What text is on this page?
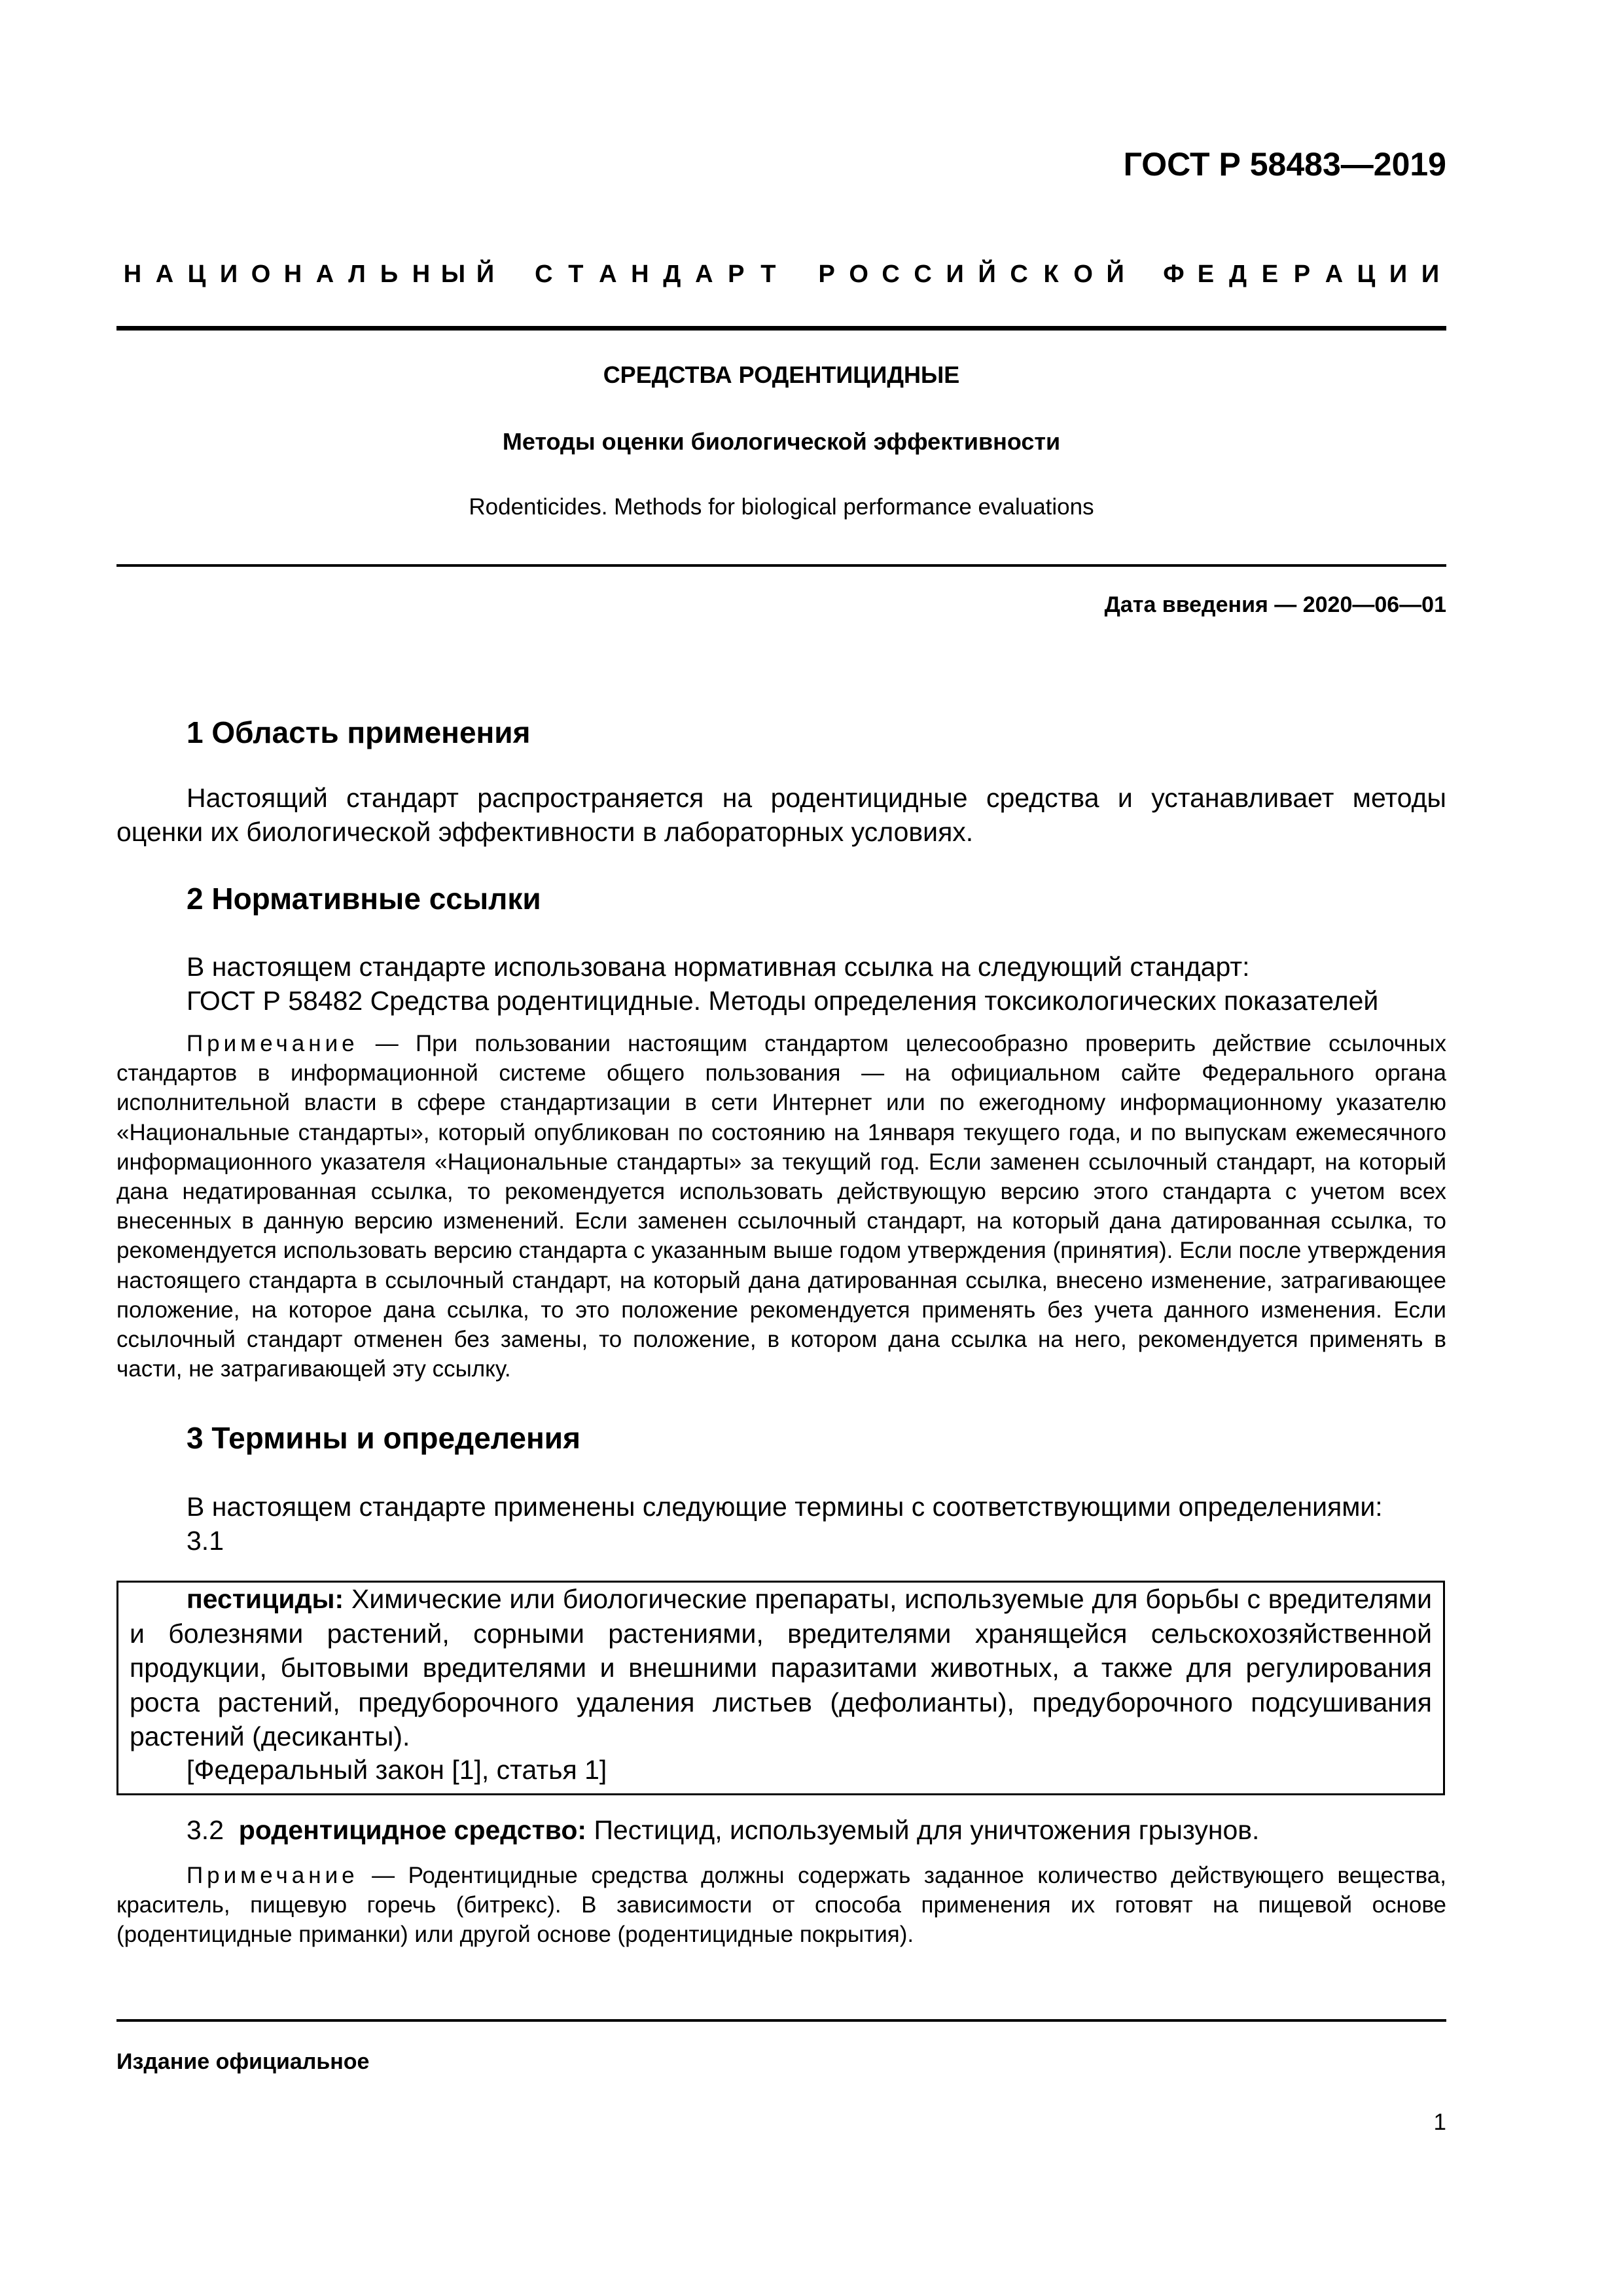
ГОСТ Р 58483—2019
Н А Ц И О Н А Л Ь Н Ы Й С Т А Н Д А Р Т	Р О С С И Й С К О Й Ф Е Д Е Р А Ц И И
СРЕДСТВА РОДЕНТИЦИДНЫЕ
Методы оценки биологической эффективности
Rodenticides. Methods for biological performance evaluations
Дата введения — 2020—06—01
1 Область применения
Настоящий стандарт распространяется на родентицидные средства и устанавливает методы оценки их биологической эффективности в лабораторных условиях.
2 Нормативные ссылки
В настоящем стандарте использована нормативная ссылка на следующий стандарт:
ГОСТ Р 58482 Средства родентицидные. Методы определения токсикологических показателей
Примечание — При пользовании настоящим стандартом целесообразно проверить действие ссылочных стандартов в информационной системе общего пользования — на официальном сайте Федерального органа исполнительной власти в сфере стандартизации в сети Интернет или по ежегодному информационному указателю «Национальные стандарты», который опубликован по состоянию на 1января текущего года, и по выпускам ежемесячного информационного указателя «Национальные стандарты» за текущий год. Если заменен ссылочный стандарт, на который дана недатированная ссылка, то рекомендуется использовать действующую версию этого стандарта с учетом всех внесенных в данную версию изменений. Если заменен ссылочный стандарт, на который дана датированная ссылка, то рекомендуется использовать версию стандарта с указанным выше годом утверждения (принятия). Если после утверждения настоящего стандарта в ссылочный стандарт, на который дана датированная ссылка, внесено изменение, затрагивающее положение, на которое дана ссылка, то это положение рекомендуется применять без учета данного изменения. Если ссылочный стандарт отменен без замены, то положение, в котором дана ссылка на него, рекомендуется применять в части, не затрагивающей эту ссылку.
3 Термины и определения
В настоящем стандарте применены следующие термины с соответствующими определениями:
3.1
пестициды: Химические или биологические препараты, используемые для борьбы с вредителями и болезнями растений, сорными растениями, вредителями хранящейся сельскохозяйственной продукции, бытовыми вредителями и внешними паразитами животных, а также для регулирования роста растений, предуборочного удаления листьев (дефолианты), предуборочного подсушивания растений (десиканты).
[Федеральный закон [1], статья 1]
3.2 родентицидное средство: Пестицид, используемый для уничтожения грызунов.
Примечание — Родентицидные средства должны содержать заданное количество действующего вещества, краситель, пищевую горечь (битрекс). В зависимости от способа применения их готовят на пищевой основе (родентицидные приманки) или другой основе (родентицидные покрытия).
Издание официальное
1
